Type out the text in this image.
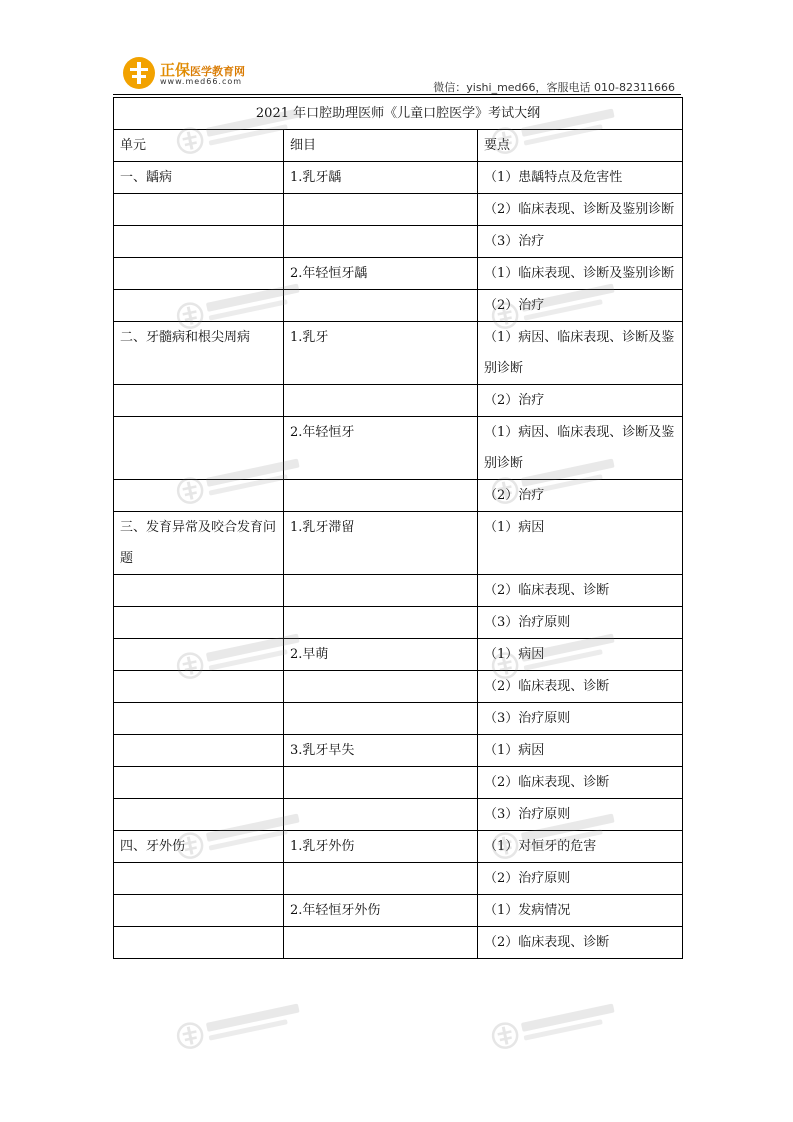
正保医学教育网
www.med66.com	微信：yishi_med66，客服电话 010-82311666
2021 年口腔助理医师《儿童口腔医学》考试大纲		
单元	细目	要点
一、龋病	1.乳牙龋	（1）患龋特点及危害性
		（2）临床表现、诊断及鉴别诊断
		（3）治疗
	2.年轻恒牙龋	（1）临床表现、诊断及鉴别诊断
		（2）治疗
二、牙髓病和根尖周病	1.乳牙	（1）病因、临床表现、诊断及鉴别诊断
		（2）治疗
	2.年轻恒牙	（1）病因、临床表现、诊断及鉴别诊断
		（2）治疗
三、发育异常及咬合发育问题	1.乳牙滞留	（1）病因
		（2）临床表现、诊断
		（3）治疗原则
	2.早萌	（1）病因
		（2）临床表现、诊断
		（3）治疗原则
	3.乳牙早失	（1）病因
		（2）临床表现、诊断
		（3）治疗原则
四、牙外伤	1.乳牙外伤	（1）对恒牙的危害
		（2）治疗原则
	2.年轻恒牙外伤	（1）发病情况
		（2）临床表现、诊断
